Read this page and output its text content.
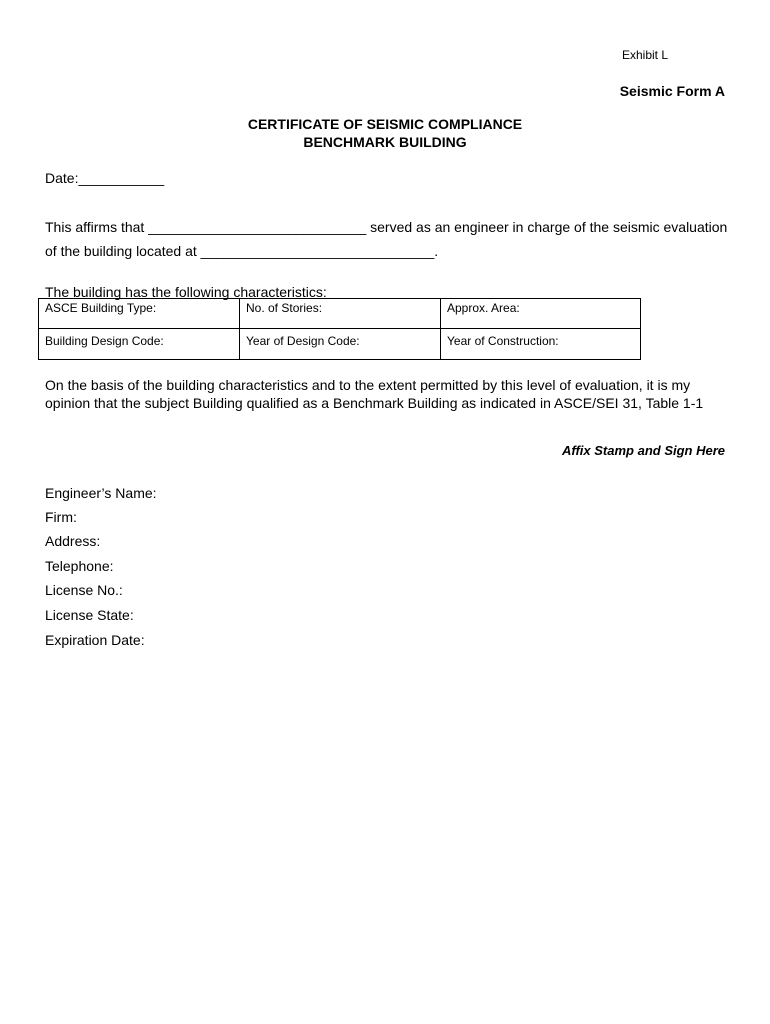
Exhibit L
Seismic Form A
CERTIFICATE OF SEISMIC COMPLIANCE
BENCHMARK BUILDING
Date:___________
This affirms that ____________________________ served as an engineer in charge of the seismic evaluation
of the building located at ______________________________.
The building has the following characteristics:
ASCE Building Type:	No. of Stories:	Approx. Area:
Building Design Code:	Year of Design Code:	Year of Construction:
On the basis of the building characteristics and to the extent permitted by this level of evaluation, it is my
opinion that the subject Building qualified as a Benchmark Building as indicated in ASCE/SEI 31, Table 1-1
Affix Stamp and Sign Here
Engineer’s Name:
Firm:
Address:
Telephone:
License No.:
License State:
Expiration Date:
